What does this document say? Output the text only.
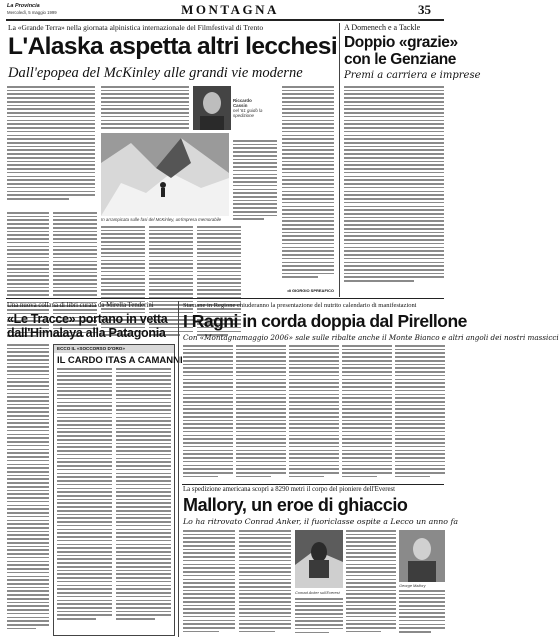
La Provincia
Mercoledì, 5 maggio 1999	MONTAGNA	35
La «Grande Terra» nella giornata alpinistica internazionale del Filmfestival di Trento
L'Alaska aspetta altri lecchesi
Dall'epopea del McKinley alle grandi vie moderne
Riccardo
Cassin
nel '61 guidò la spedizione
In arrampicata sulle fasi del McKinley, un'impresa memorabile
di GIORGIO SPREAFICO
A Domenech e a Tackle
Doppio «grazie»
con le Genziane
Premi a carriera e imprese
Una nuova collana di libri curata da Mirella Tenderini
«Le Tracce» portano in vetta
dall'Himalaya alla Patagonia
ECCO IL «SOCCORSO D'ORO»
IL CARDO ITAS A CAMANNI
Stamane in Regione chiuderanno la presentazione del nutrito calendario di manifestazioni
I Ragni in corda doppia dal Pirellone
Con «Montagnamaggio 2006» sale sulle ribalte anche il Monte Bianco e altri angoli dei nostri massicci
La spedizione americana scoprì a 8290 metri il corpo del pioniere dell'Everest
Mallory, un eroe di ghiaccio
Lo ha ritrovato Conrad Anker, il fuoriclasse ospite a Lecco un anno fa
Conrad Anker sull'Everest
George Mallory
